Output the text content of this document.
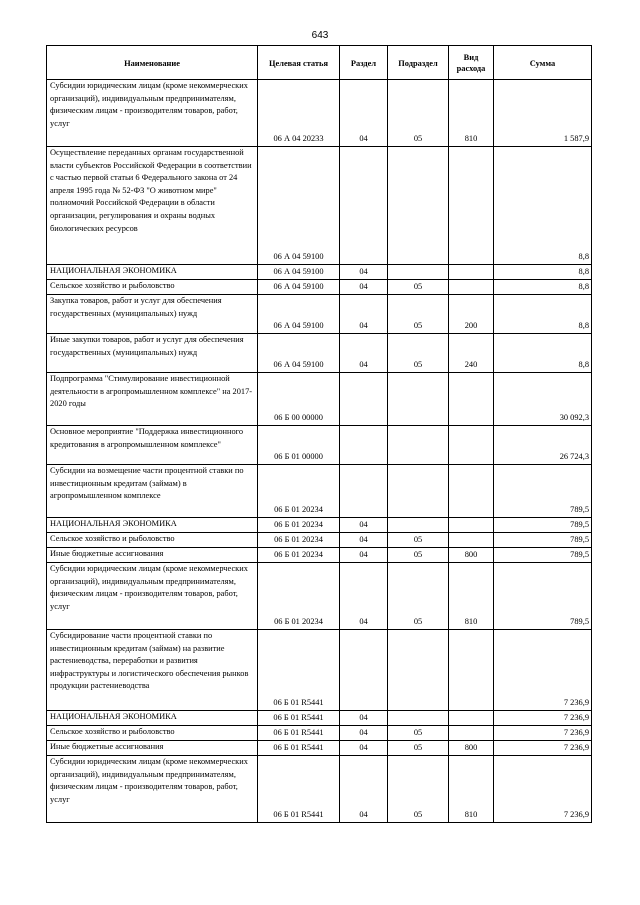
643
Наименование	Целевая статья	Раздел	Подраздел	Вид расхода	Сумма

Субсидии юридическим лицам (кроме некоммерческих организаций), индивидуальным предпринимателям, физическим лицам - производителям товаров, работ, услуг	06 А 04 20233	04	05	810	1 587,9

Осуществление переданных органам государственной власти субъектов Российской Федерации в соответствии с частью первой статьи 6 Федерального закона от 24 апреля 1995 года № 52-ФЗ "О животном мире" полномочий Российской Федерации в области организации, регулирования и охраны водных биологических ресурсов	06 А 04 59100				8,8

НАЦИОНАЛЬНАЯ ЭКОНОМИКА	06 А 04 59100	04			8,8

Сельское хозяйство и рыболовство	06 А 04 59100	04	05		8,8

Закупка товаров, работ и услуг для обеспечения государственных (муниципальных) нужд	06 А 04 59100	04	05	200	8,8

Иные закупки товаров, работ и услуг для обеспечения государственных (муниципальных) нужд	06 А 04 59100	04	05	240	8,8

Подпрограмма "Стимулирование инвестиционной деятельности в агропромышленном комплексе" на 2017-2020 годы	06 Б 00 00000				30 092,3

Основное мероприятие "Поддержка инвестиционного кредитования в агропромышленном комплексе"	06 Б 01 00000				26 724,3

Субсидии на возмещение части процентной ставки по инвестиционным кредитам (займам) в агропромышленном комплексе	06 Б 01 20234				789,5

НАЦИОНАЛЬНАЯ ЭКОНОМИКА	06 Б 01 20234	04			789,5

Сельское хозяйство и рыболовство	06 Б 01 20234	04	05		789,5

Иные бюджетные ассигнования	06 Б 01 20234	04	05	800	789,5

Субсидии юридическим лицам (кроме некоммерческих организаций), индивидуальным предпринимателям, физическим лицам - производителям товаров, работ, услуг	06 Б 01 20234	04	05	810	789,5

Субсидирование части процентной ставки по инвестиционным кредитам (займам) на развитие растениеводства, переработки и развития инфраструктуры и логистического обеспечения рынков продукции растениеводства	06 Б 01 R5441				7 236,9

НАЦИОНАЛЬНАЯ ЭКОНОМИКА	06 Б 01 R5441	04			7 236,9

Сельское хозяйство и рыболовство	06 Б 01 R5441	04	05		7 236,9

Иные бюджетные ассигнования	06 Б 01 R5441	04	05	800	7 236,9

Субсидии юридическим лицам (кроме некоммерческих организаций), индивидуальным предпринимателям, физическим лицам - производителям товаров, работ, услуг	06 Б 01 R5441	04	05	810	7 236,9
